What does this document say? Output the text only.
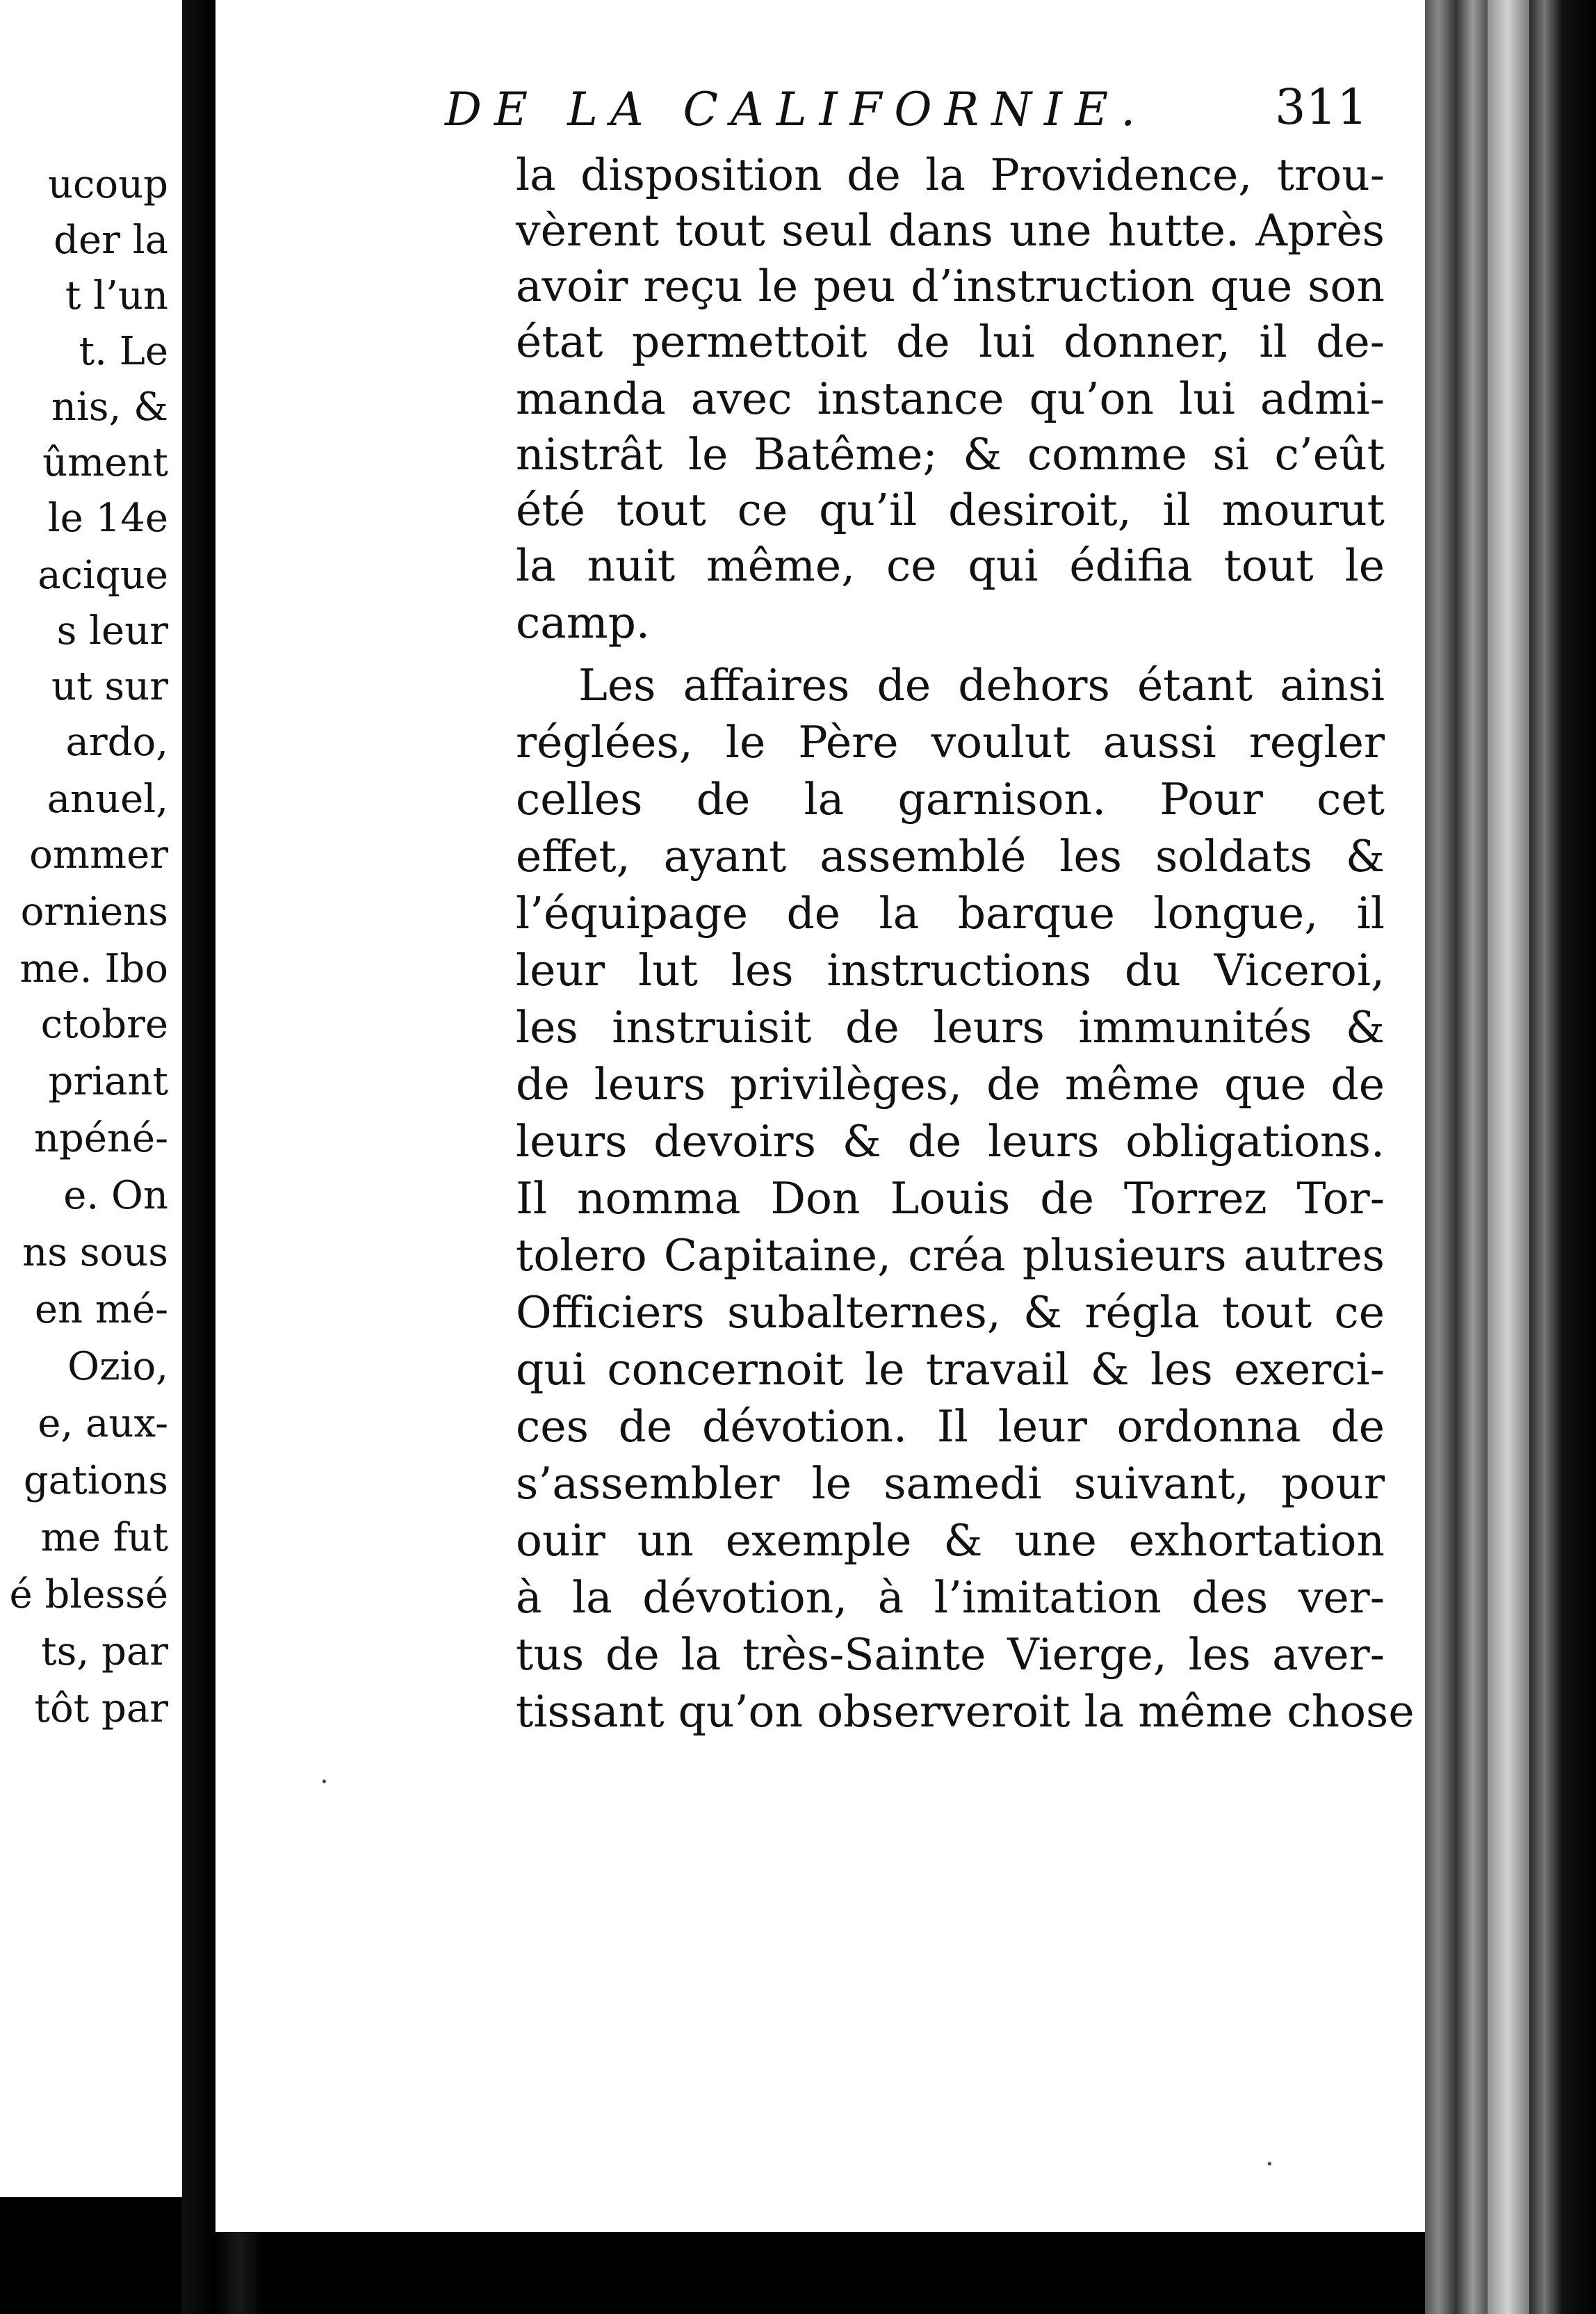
ucoup
der la
t l’un
t. Le
nis, &
ûment
le 14e
acique
s leur
ut sur
ardo,
anuel,
ommer
orniens
me. Ibo
ctobre
priant
npéné-
e. On
ns sous
en mé-
Ozio,
e, aux-
gations
me fut
é blessé
ts, par
tôt par
DE LA CALIFORNIE.	311
la disposition de la Providence, trou-
vèrent tout seul dans une hutte. Après
avoir reçu le peu d’instruction que son
état permettoit de lui donner, il de-
manda avec instance qu’on lui admi-
nistrât le Batême; & comme si c’eût
été tout ce qu’il desiroit, il mourut
la nuit même, ce qui édifia tout le
camp.
Les affaires de dehors étant ainsi
réglées, le Père voulut aussi regler
celles de la garnison. Pour cet
effet, ayant assemblé les soldats &
l’équipage de la barque longue, il
leur lut les instructions du Viceroi,
les instruisit de leurs immunités &
de leurs privilèges, de même que de
leurs devoirs & de leurs obligations.
Il nomma Don Louis de Torrez Tor-
tolero Capitaine, créa plusieurs autres
Officiers subalternes, & régla tout ce
qui concernoit le travail & les exerci-
ces de dévotion. Il leur ordonna de
s’assembler le samedi suivant, pour
ouir un exemple & une exhortation
à la dévotion, à l’imitation des ver-
tus de la très-Sainte Vierge, les aver-
tissant qu’on observeroit la même chose
·
·
